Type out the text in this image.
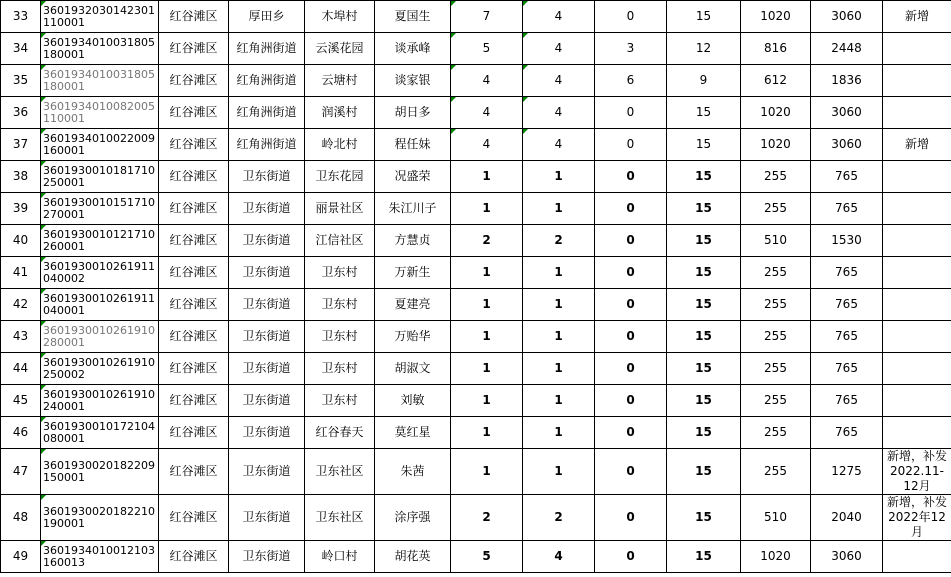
33	3601932030142301110001	红谷滩区	厚田乡	木埠村	夏国生	7	4	0	15	1020	3060	新增
34	3601934010031805180001	红谷滩区	红角洲街道	云溪花园	谈承峰	5	4	3	12	816	2448	
35	3601934010031805180001	红谷滩区	红角洲街道	云塘村	谈家银	4	4	6	9	612	1836	
36	3601934010082005110001	红谷滩区	红角洲街道	润溪村	胡日多	4	4	0	15	1020	3060	
37	3601934010022009160001	红谷滩区	红角洲街道	岭北村	程任妹	4	4	0	15	1020	3060	新增
38	3601930010181710250001	红谷滩区	卫东街道	卫东花园	况盛荣	1	1	0	15	255	765	
39	3601930010151710270001	红谷滩区	卫东街道	丽景社区	朱江川子	1	1	0	15	255	765	
40	3601930010121710260001	红谷滩区	卫东街道	江信社区	方慧贞	2	2	0	15	510	1530	
41	3601930010261911040002	红谷滩区	卫东街道	卫东村	万新生	1	1	0	15	255	765	
42	3601930010261911040001	红谷滩区	卫东街道	卫东村	夏建亮	1	1	0	15	255	765	
43	3601930010261910280001	红谷滩区	卫东街道	卫东村	万贻华	1	1	0	15	255	765	
44	3601930010261910250002	红谷滩区	卫东街道	卫东村	胡淑文	1	1	0	15	255	765	
45	3601930010261910240001	红谷滩区	卫东街道	卫东村	刘敏	1	1	0	15	255	765	
46	3601930010172104080001	红谷滩区	卫东街道	红谷春天	莫红星	1	1	0	15	255	765	
47	3601930020182209150001	红谷滩区	卫东街道	卫东社区	朱茜	1	1	0	15	255	1275	新增，补发2022.11-12月
48	3601930020182210190001	红谷滩区	卫东街道	卫东社区	涂序强	2	2	0	15	510	2040	新增，补发2022年12月
49	3601934010012103160013	红谷滩区	卫东街道	岭口村	胡花英	5	4	0	15	1020	3060	
